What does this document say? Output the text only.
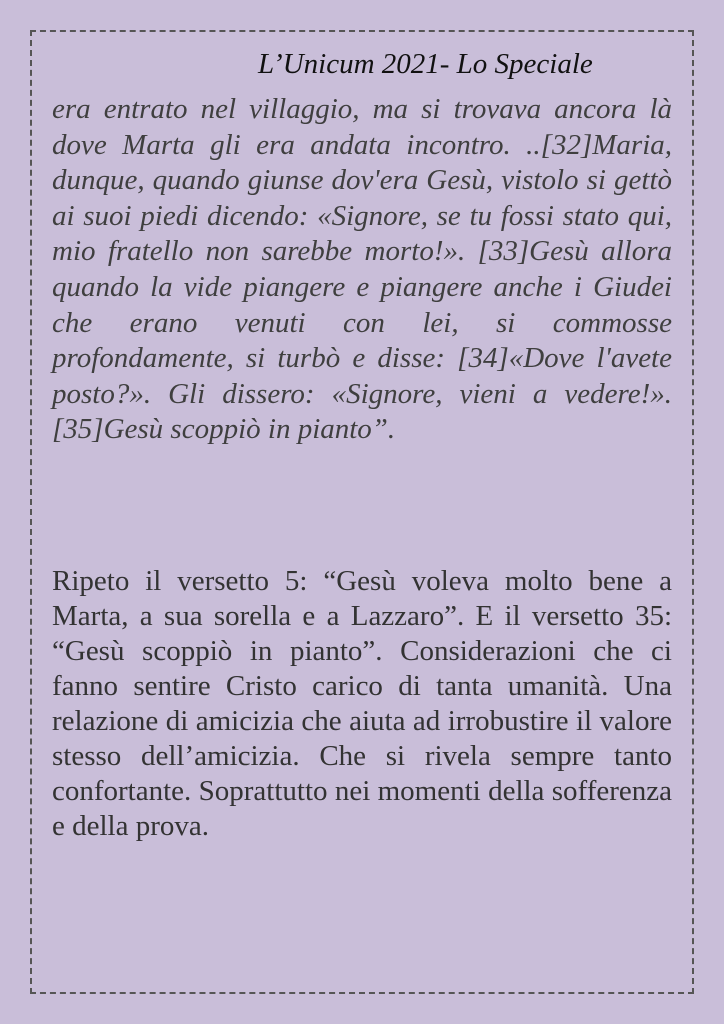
L’Unicum 2021- Lo Speciale

era entrato nel villaggio, ma si trovava ancora là dove Marta gli era andata incontro. ..[32]Maria, dunque, quando giunse dov'era Gesù, vistolo si gettò ai suoi piedi dicendo: «Signore, se tu fossi stato qui, mio fratello non sarebbe morto!». [33]Gesù allora quando la vide piangere e piangere anche i Giudei che erano venuti con lei, si commosse profondamente, si turbò e disse: [34]«Dove l'avete posto?». Gli dissero: «Signore, vieni a vedere!». [35]Gesù scoppiò in pianto”.

Ripeto il versetto 5: “Gesù voleva molto bene a Marta, a sua sorella e a Lazzaro”. E il versetto 35: “Gesù scoppiò in pianto”. Considerazioni che ci fanno sentire Cristo carico di tanta umanità. Una relazione di amicizia che aiuta ad irrobustire il valore stesso dell’amicizia. Che si rivela sempre tanto confortante. Soprattutto nei momenti della sofferenza e della prova.
